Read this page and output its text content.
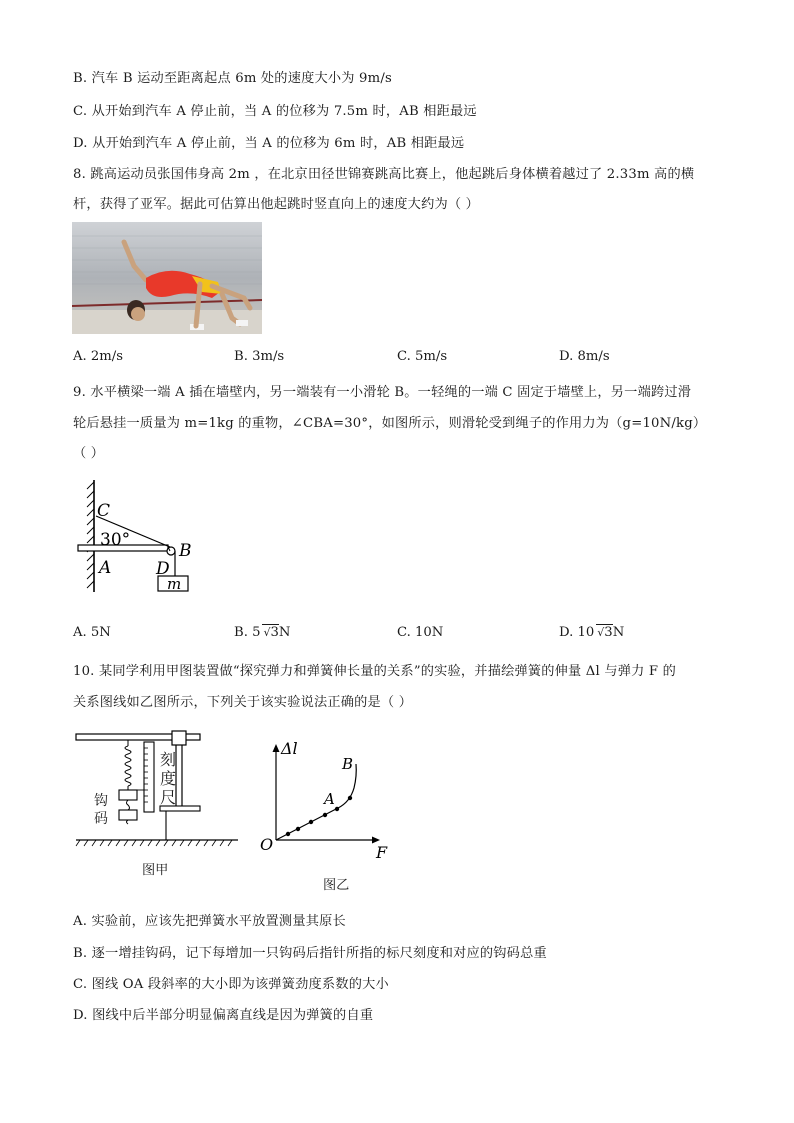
B. 汽车 B 运动至距离起点 6m 处的速度大小为 9m/s
C. 从开始到汽车 A 停止前，当 A 的位移为 7.5m 时，AB 相距最远
D. 从开始到汽车 A 停止前，当 A 的位移为 6m 时，AB 相距最远
8. 跳高运动员张国伟身高 2m ，在北京田径世锦赛跳高比赛上，他起跳后身体横着越过了 2.33m 高的横
杆，获得了亚军。据此可估算出他起跳时竖直向上的速度大约为（ ）
A. 2m/s	B. 3m/s	C. 5m/s	D. 8m/s
9. 水平横梁一端 A 插在墙壁内，另一端装有一小滑轮 B。一轻绳的一端 C 固定于墙壁上，另一端跨过滑
轮后悬挂一质量为 m=1kg 的重物，∠CBA=30°，如图所示，则滑轮受到绳子的作用力为（g=10N/kg）
（ ）
C
30°
B
A	D
m
A. 5N	B. 5 √3N	C. 10N	D. 10 √3N
10. 某同学利用甲图装置做“探究弹力和弹簧伸长量的关系”的实验，并描绘弹簧的伸量 Δl 与弹力 F 的
关系图线如乙图所示，下列关于该实验说法正确的是（ ）
刻
度
尺
钩
码
图甲
Δl
F
O
A
B
图乙
A. 实验前，应该先把弹簧水平放置测量其原长
B. 逐一增挂钩码，记下每增加一只钩码后指针所指的标尺刻度和对应的钩码总重
C. 图线 OA 段斜率的大小即为该弹簧劲度系数的大小
D. 图线中后半部分明显偏离直线是因为弹簧的自重
